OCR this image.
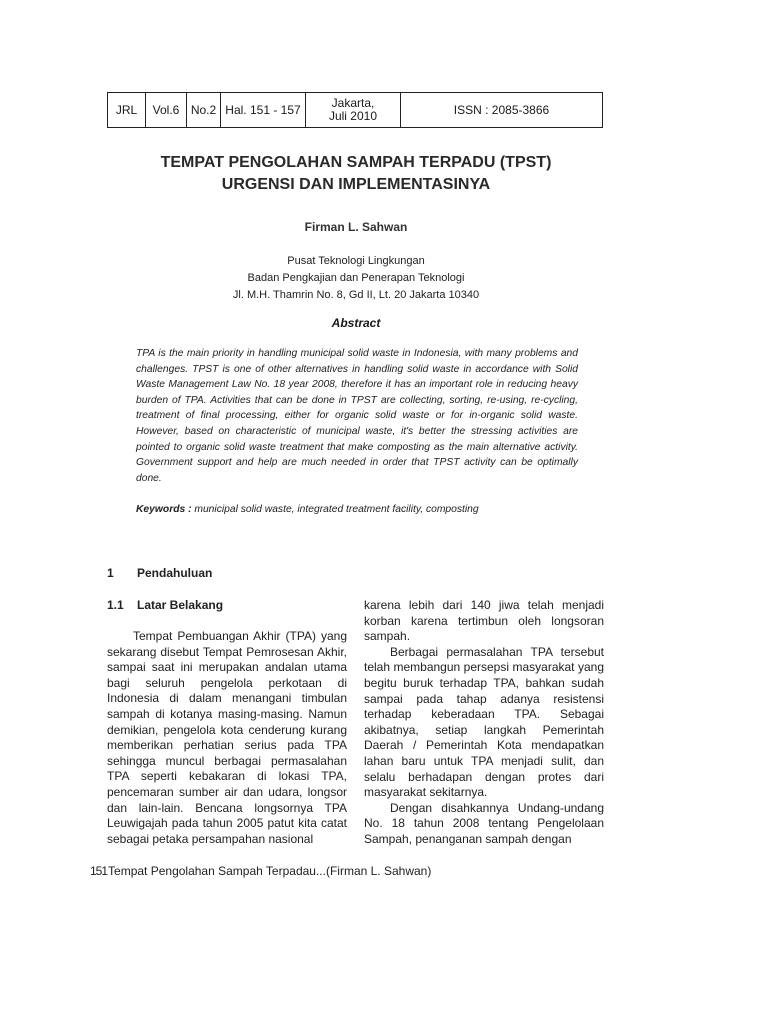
JRL	Vol.6	No.2	Hal. 151 - 157	Jakarta,
Juli 2010	ISSN : 2085-3866
TEMPAT PENGOLAHAN SAMPAH TERPADU (TPST)
URGENSI DAN IMPLEMENTASINYA
Firman L. Sahwan
Pusat Teknologi Lingkungan
Badan Pengkajian dan Penerapan Teknologi
Jl. M.H. Thamrin No. 8, Gd II, Lt. 20 Jakarta 10340
Abstract
TPA is the main priority in handling municipal solid waste in Indonesia, with many problems and challenges. TPST is one of other alternatives in handling solid waste in accordance with Solid Waste Management Law No. 18 year 2008, therefore it has an important role in reducing heavy burden of TPA. Activities that can be done in TPST are collecting, sorting, re-using, re-cycling, treatment of final processing, either for organic solid waste or for in-organic solid waste. However, based on characteristic of municipal waste, it's better the stressing activities are pointed to organic solid waste treatment that make composting as the main alternative activity. Government support and help are much needed in order that TPST activity can be optimally done.
Keywords : municipal solid waste, integrated treatment facility, composting
1 Pendahuluan
1.1 Latar Belakang

Tempat Pembuangan Akhir (TPA) yang sekarang disebut Tempat Pemrosesan Akhir, sampai saat ini merupakan andalan utama bagi seluruh pengelola perkotaan di Indonesia di dalam menangani timbulan sampah di kotanya masing-masing. Namun demikian, pengelola kota cenderung kurang memberikan perhatian serius pada TPA sehingga muncul berbagai permasalahan TPA seperti kebakaran di lokasi TPA, pencemaran sumber air dan udara, longsor dan lain-lain. Bencana longsornya TPA Leuwigajah pada tahun 2005 patut kita catat sebagai petaka persampahan nasional

karena lebih dari 140 jiwa telah menjadi korban karena tertimbun oleh longsoran sampah.

Berbagai permasalahan TPA tersebut telah membangun persepsi masyarakat yang begitu buruk terhadap TPA, bahkan sudah sampai pada tahap adanya resistensi terhadap keberadaan TPA. Sebagai akibatnya, setiap langkah Pemerintah Daerah / Pemerintah Kota mendapatkan lahan baru untuk TPA menjadi sulit, dan selalu berhadapan dengan protes dari masyarakat sekitarnya.

Dengan disahkannya Undang-undang No. 18 tahun 2008 tentang Pengelolaan Sampah, penanganan sampah dengan

151Tempat Pengolahan Sampah Terpadau...(Firman L. Sahwan)
